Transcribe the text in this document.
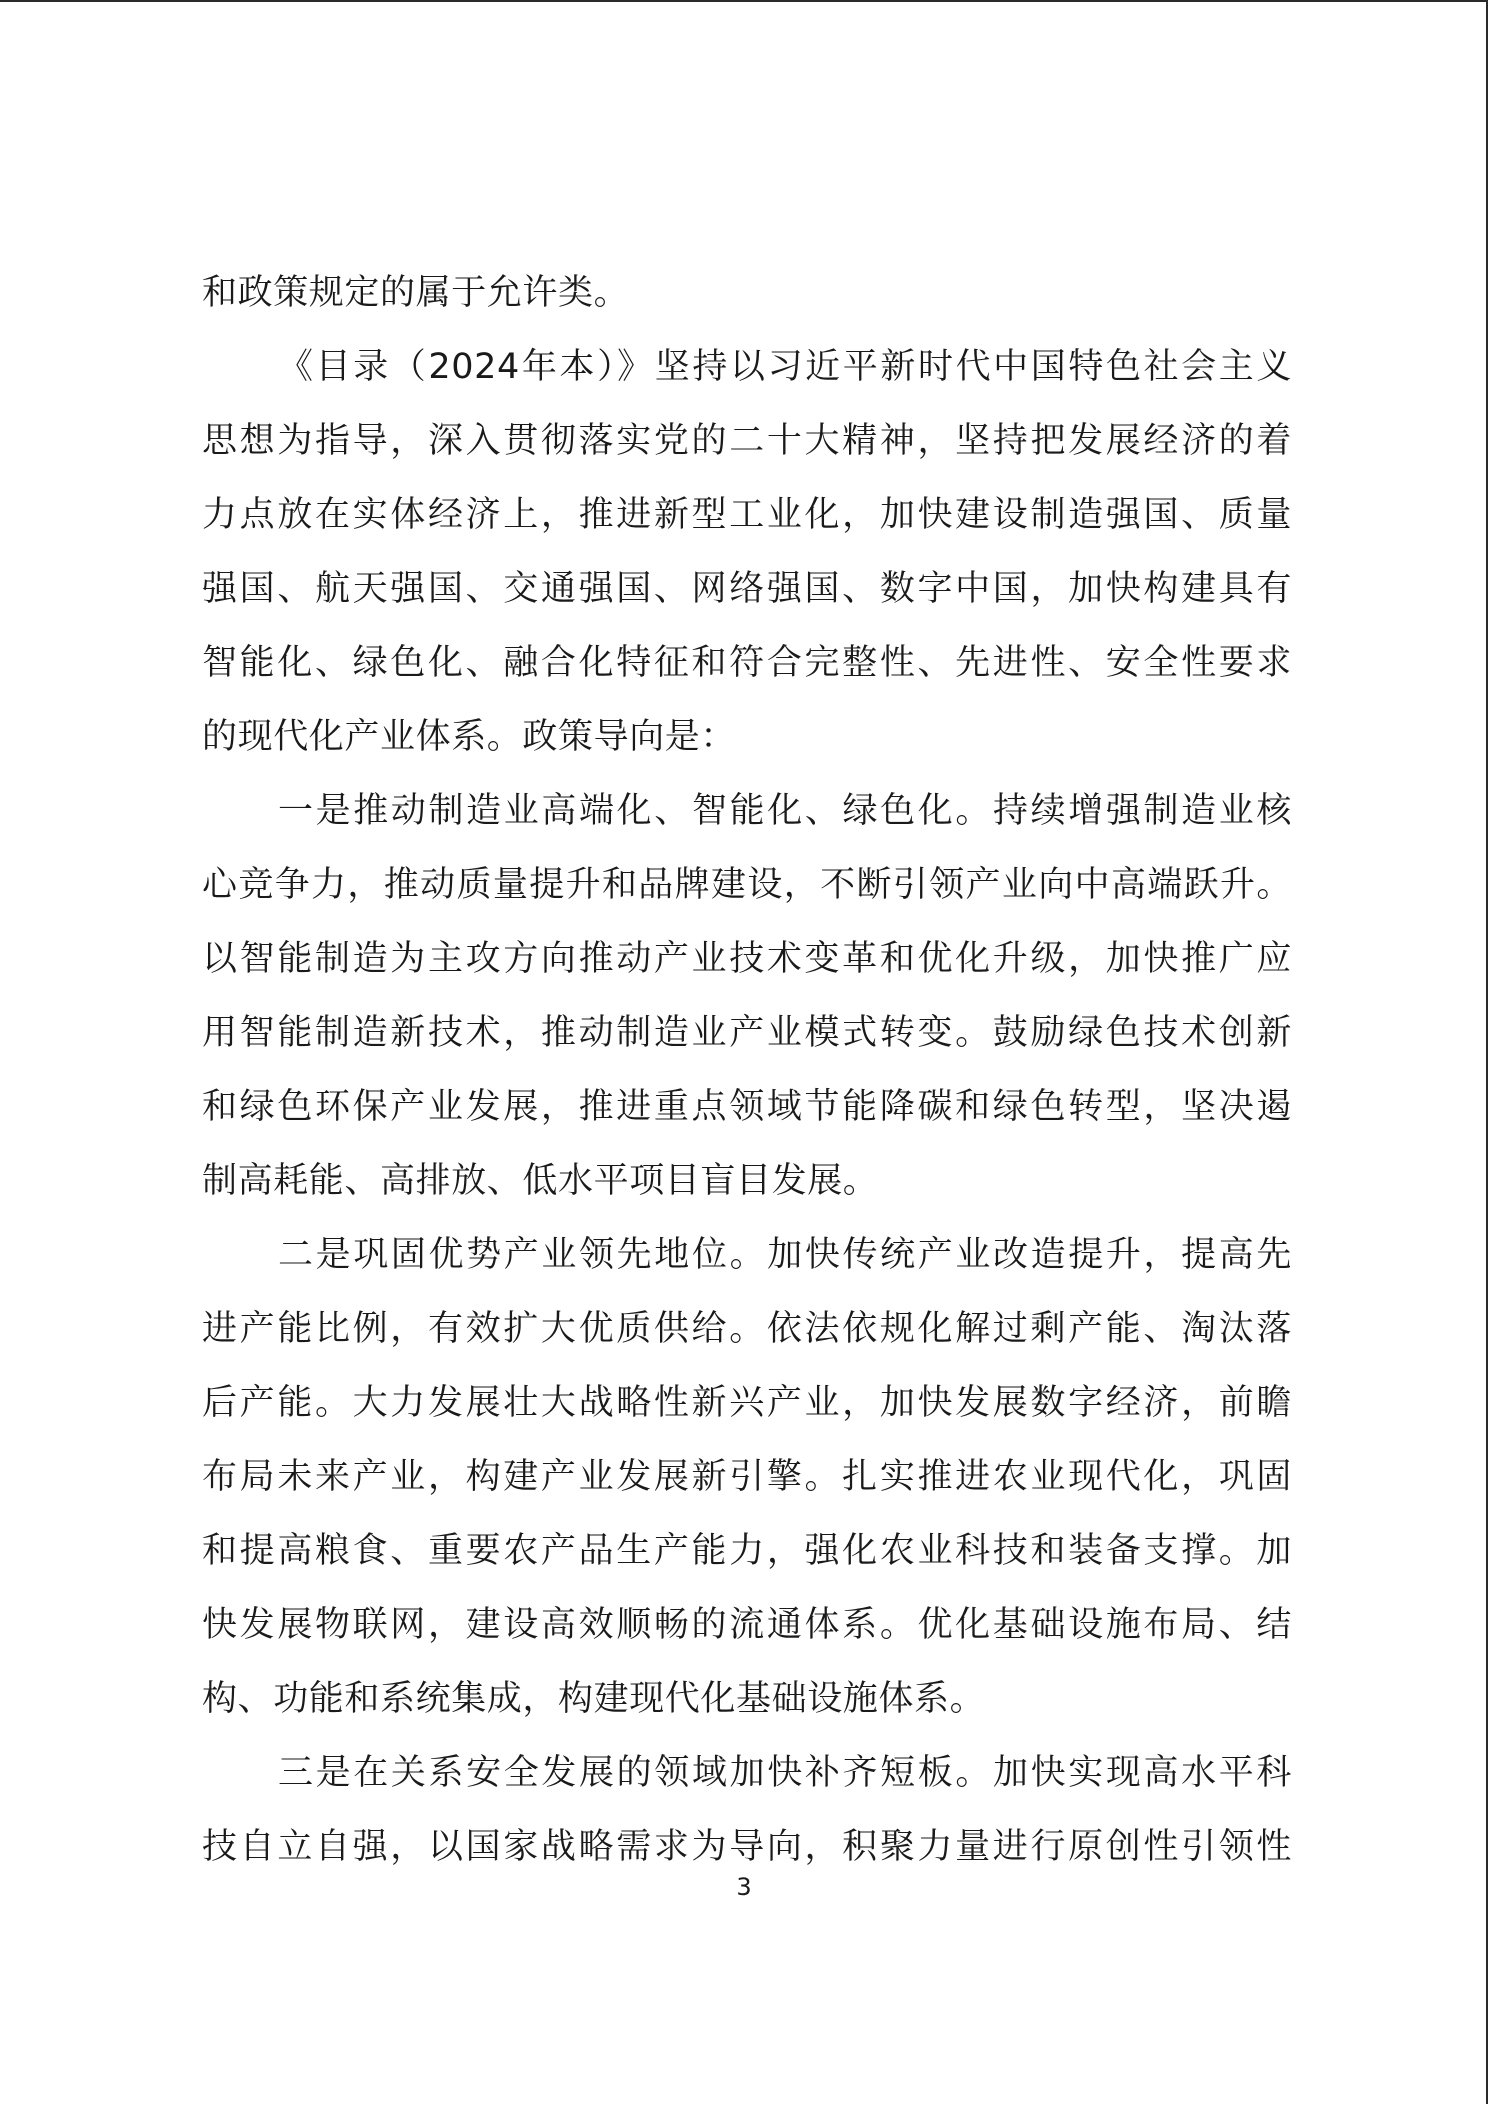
和政策规定的属于允许类。
《目录（2024年本）》坚持以习近平新时代中国特色社会主义
思想为指导，深入贯彻落实党的二十大精神，坚持把发展经济的着
力点放在实体经济上，推进新型工业化，加快建设制造强国、质量
强国、航天强国、交通强国、网络强国、数字中国，加快构建具有
智能化、绿色化、融合化特征和符合完整性、先进性、安全性要求
的现代化产业体系。政策导向是：
一是推动制造业高端化、智能化、绿色化。持续增强制造业核
心竞争力，推动质量提升和品牌建设，不断引领产业向中高端跃升。
以智能制造为主攻方向推动产业技术变革和优化升级，加快推广应
用智能制造新技术，推动制造业产业模式转变。鼓励绿色技术创新
和绿色环保产业发展，推进重点领域节能降碳和绿色转型，坚决遏
制高耗能、高排放、低水平项目盲目发展。
二是巩固优势产业领先地位。加快传统产业改造提升，提高先
进产能比例，有效扩大优质供给。依法依规化解过剩产能、淘汰落
后产能。大力发展壮大战略性新兴产业，加快发展数字经济，前瞻
布局未来产业，构建产业发展新引擎。扎实推进农业现代化，巩固
和提高粮食、重要农产品生产能力，强化农业科技和装备支撑。加
快发展物联网，建设高效顺畅的流通体系。优化基础设施布局、结
构、功能和系统集成，构建现代化基础设施体系。
三是在关系安全发展的领域加快补齐短板。加快实现高水平科
技自立自强，以国家战略需求为导向，积聚力量进行原创性引领性
3
